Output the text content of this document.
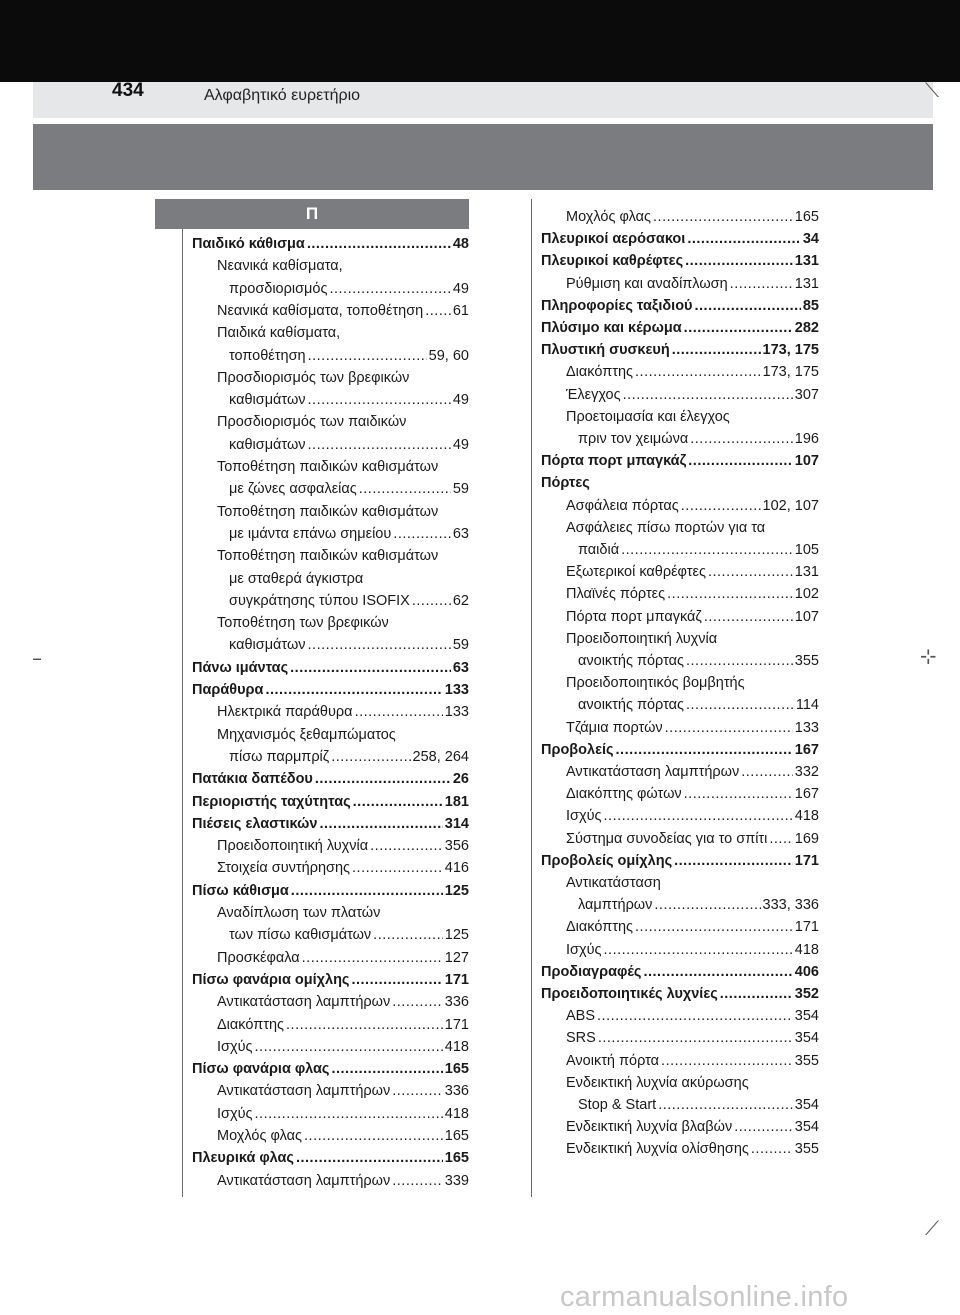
434	Αλφαβητικό ευρετήριο
Π
Παιδικό κάθισμα .....	48
Νεανικά καθίσματα,
προσδιορισμός .....	49
Νεανικά καθίσματα, τοποθέτηση ..... 61
Παιδικά καθίσματα,
τοποθέτηση .....	59, 60
Προσδιορισμός των βρεφικών
καθισμάτων .....	49
Προσδιορισμός των παιδικών
καθισμάτων .....	49
Τοποθέτηση παιδικών καθισμάτων
με ζώνες ασφαλείας .....	59
Τοποθέτηση παιδικών καθισμάτων
με ιμάντα επάνω σημείου .....	63
Τοποθέτηση παιδικών καθισμάτων
με σταθερά άγκιστρα
συγκράτησης τύπου ISOFIX .....	62
Τοποθέτηση των βρεφικών
καθισμάτων .....	59
Πάνω ιμάντας .....	63
Παράθυρα .....	133
Ηλεκτρικά παράθυρα .....	133
Μηχανισμός ξεθαμπώματος
πίσω παρμπρίζ .....	258, 264
Πατάκια δαπέδου .....	26
Περιοριστής ταχύτητας .....	181
Πιέσεις ελαστικών .....	314
Προειδοποιητική λυχνία .....	356
Στοιχεία συντήρησης .....	416
Πίσω κάθισμα .....	125
Αναδίπλωση των πλατών
των πίσω καθισμάτων .....	125
Προσκέφαλα .....	127
Πίσω φανάρια ομίχλης .....	171
Αντικατάσταση λαμπτήρων .....	336
Διακόπτης .....	171
Ισχύς .....	418
Πίσω φανάρια φλας .....	165
Αντικατάσταση λαμπτήρων .....	336
Ισχύς .....	418
Μοχλός φλας .....	165
Πλευρικά φλας .....	165
Αντικατάσταση λαμπτήρων .....	339
Μοχλός φλας .....	165
Πλευρικοί αερόσακοι .....	34
Πλευρικοί καθρέφτες .....	131
Ρύθμιση και αναδίπλωση .....	131
Πληροφορίες ταξιδιού .....	85
Πλύσιμο και κέρωμα .....	282
Πλυστική συσκευή .....	173, 175
Διακόπτης .....	173, 175
Έλεγχος .....	307
Προετοιμασία και έλεγχος
πριν τον χειμώνα .....	196
Πόρτα πορτ μπαγκάζ .....	107
Πόρτες
Ασφάλεια πόρτας .....	102, 107
Ασφάλειες πίσω πορτών για τα
παιδιά .....	105
Εξωτερικοί καθρέφτες .....	131
Πλαϊνές πόρτες .....	102
Πόρτα πορτ μπαγκάζ .....	107
Προειδοποιητική λυχνία
ανοικτής πόρτας .....	355
Προειδοποιητικός βομβητής
ανοικτής πόρτας .....	114
Τζάμια πορτών .....	133
Προβολείς .....	167
Αντικατάσταση λαμπτήρων .....	332
Διακόπτης φώτων .....	167
Ισχύς .....	418
Σύστημα συνοδείας για το σπίτι ..... 169
Προβολείς ομίχλης .....	171
Αντικατάσταση
λαμπτήρων .....	333, 336
Διακόπτης .....	171
Ισχύς .....	418
Προδιαγραφές .....	406
Προειδοποιητικές λυχνίες .....	352
ABS .....	354
SRS .....	354
Ανοικτή πόρτα .....	355
Ενδεικτική λυχνία ακύρωσης
Stop & Start .....	354
Ενδεικτική λυχνία βλαβών .....	354
Ενδεικτική λυχνία ολίσθησης .....	355
⟍
–	⊹
⟋
carmanualsonline.info
